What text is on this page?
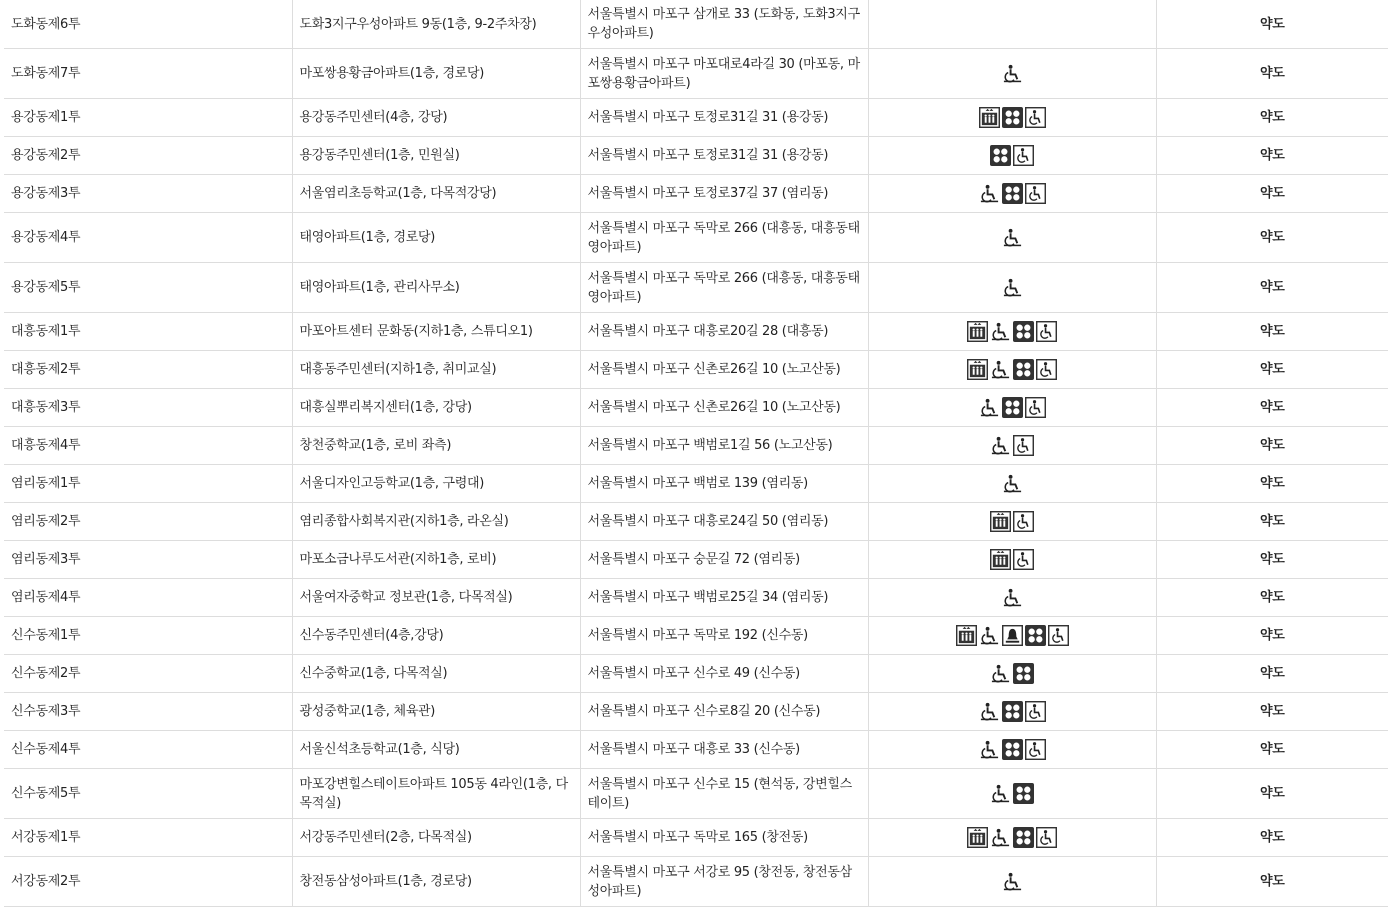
도화동제6투	도화3지구우성아파트 9동(1층, 9-2주차장)	서울특별시 마포구 삼개로 33 (도화동, 도화3지구우성아파트)		약도
도화동제7투	마포쌍용황금아파트(1층, 경로당)	서울특별시 마포구 마포대로4라길 30 (마포동, 마포쌍용황금아파트)		약도
용강동제1투	용강동주민센터(4층, 강당)	서울특별시 마포구 토정로31길 31 (용강동)		약도
용강동제2투	용강동주민센터(1층, 민원실)	서울특별시 마포구 토정로31길 31 (용강동)		약도
용강동제3투	서울염리초등학교(1층, 다목적강당)	서울특별시 마포구 토정로37길 37 (염리동)		약도
용강동제4투	태영아파트(1층, 경로당)	서울특별시 마포구 독막로 266 (대흥동, 대흥동태영아파트)		약도
용강동제5투	태영아파트(1층, 관리사무소)	서울특별시 마포구 독막로 266 (대흥동, 대흥동태영아파트)		약도
대흥동제1투	마포아트센터 문화동(지하1층, 스튜디오1)	서울특별시 마포구 대흥로20길 28 (대흥동)		약도
대흥동제2투	대흥동주민센터(지하1층, 취미교실)	서울특별시 마포구 신촌로26길 10 (노고산동)		약도
대흥동제3투	대흥실뿌리복지센터(1층, 강당)	서울특별시 마포구 신촌로26길 10 (노고산동)		약도
대흥동제4투	창천중학교(1층, 로비 좌측)	서울특별시 마포구 백범로1길 56 (노고산동)		약도
염리동제1투	서울디자인고등학교(1층, 구령대)	서울특별시 마포구 백범로 139 (염리동)		약도
염리동제2투	염리종합사회복지관(지하1층, 라온실)	서울특별시 마포구 대흥로24길 50 (염리동)		약도
염리동제3투	마포소금나루도서관(지하1층, 로비)	서울특별시 마포구 숭문길 72 (염리동)		약도
염리동제4투	서울여자중학교 정보관(1층, 다목적실)	서울특별시 마포구 백범로25길 34 (염리동)		약도
신수동제1투	신수동주민센터(4층,강당)	서울특별시 마포구 독막로 192 (신수동)		약도
신수동제2투	신수중학교(1층, 다목적실)	서울특별시 마포구 신수로 49 (신수동)		약도
신수동제3투	광성중학교(1층, 체육관)	서울특별시 마포구 신수로8길 20 (신수동)		약도
신수동제4투	서울신석초등학교(1층, 식당)	서울특별시 마포구 대흥로 33 (신수동)		약도
신수동제5투	마포강변힐스테이트아파트 105동 4라인(1층, 다목적실)	서울특별시 마포구 신수로 15 (현석동, 강변힐스테이트)		약도
서강동제1투	서강동주민센터(2층, 다목적실)	서울특별시 마포구 독막로 165 (창전동)		약도
서강동제2투	창전동삼성아파트(1층, 경로당)	서울특별시 마포구 서강로 95 (창전동, 창전동삼성아파트)		약도
